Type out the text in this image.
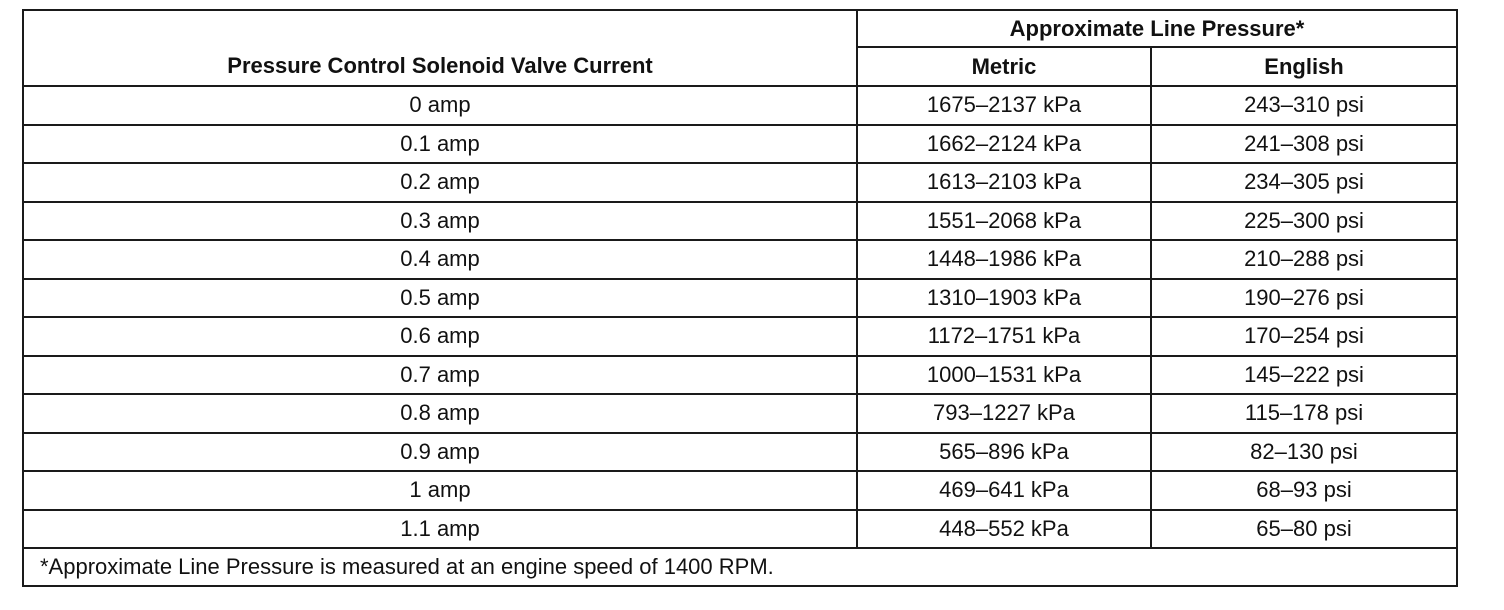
Pressure Control Solenoid Valve Current	Approximate Line Pressure*	
	Metric	English
0 amp	1675–2137 kPa	243–310 psi
0.1 amp	1662–2124 kPa	241–308 psi
0.2 amp	1613–2103 kPa	234–305 psi
0.3 amp	1551–2068 kPa	225–300 psi
0.4 amp	1448–1986 kPa	210–288 psi
0.5 amp	1310–1903 kPa	190–276 psi
0.6 amp	1172–1751 kPa	170–254 psi
0.7 amp	1000–1531 kPa	145–222 psi
0.8 amp	793–1227 kPa	115–178 psi
0.9 amp	565–896 kPa	82–130 psi
1 amp	469–641 kPa	68–93 psi
1.1 amp	448–552 kPa	65–80 psi
*Approximate Line Pressure is measured at an engine speed of 1400 RPM.		
